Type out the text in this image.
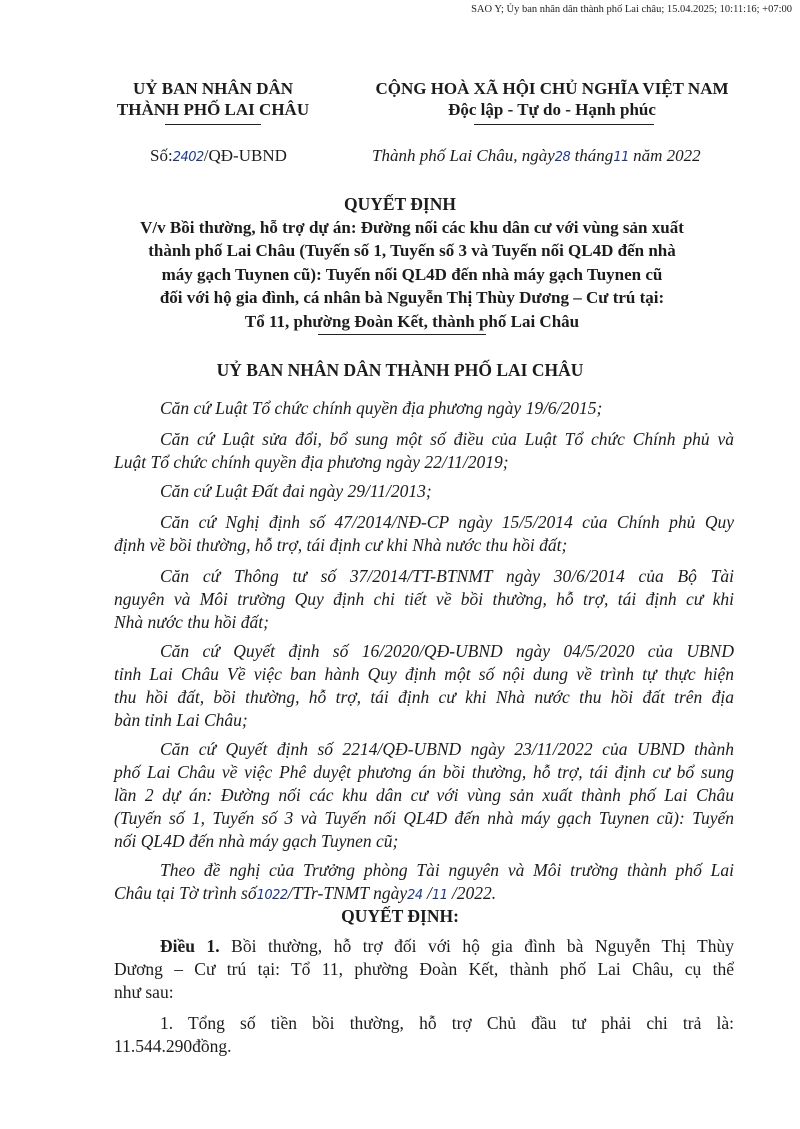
SAO Y; Ủy ban nhân dân thành phố Lai châu; 15.04.2025; 10:11:16; +07:00
UỶ BAN NHÂN DÂN
THÀNH PHỐ LAI CHÂU
Số:2402/QĐ-UBND
CỘNG HOÀ XÃ HỘI CHỦ NGHĨA VIỆT NAM
Độc lập - Tự do - Hạnh phúc
Thành phố Lai Châu, ngày28 tháng11 năm 2022
QUYẾT ĐỊNH
V/v Bồi thường, hỗ trợ dự án: Đường nối các khu dân cư với vùng sản xuất
thành phố Lai Châu (Tuyến số 1, Tuyến số 3 và Tuyến nối QL4D đến nhà
máy gạch Tuynen cũ): Tuyến nối QL4D đến nhà máy gạch Tuynen cũ
đối với hộ gia đình, cá nhân bà Nguyễn Thị Thùy Dương – Cư trú tại:
Tổ 11, phường Đoàn Kết, thành phố Lai Châu
UỶ BAN NHÂN DÂN THÀNH PHỐ LAI CHÂU
Căn cứ Luật Tổ chức chính quyền địa phương ngày 19/6/2015;
Căn cứ Luật sửa đổi, bổ sung một số điều của Luật Tổ chức Chính phủ và
Luật Tổ chức chính quyền địa phương ngày 22/11/2019;
Căn cứ Luật Đất đai ngày 29/11/2013;
Căn cứ Nghị định số 47/2014/NĐ-CP ngày 15/5/2014 của Chính phủ Quy
định về bồi thường, hỗ trợ, tái định cư khi Nhà nước thu hồi đất;
Căn cứ Thông tư số 37/2014/TT-BTNMT ngày 30/6/2014 của Bộ Tài
nguyên và Môi trường Quy định chi tiết về bồi thường, hỗ trợ, tái định cư khi
Nhà nước thu hồi đất;
Căn cứ Quyết định số 16/2020/QĐ-UBND ngày 04/5/2020 của UBND
tỉnh Lai Châu Về việc ban hành Quy định một số nội dung về trình tự thực hiện
thu hồi đất, bồi thường, hỗ trợ, tái định cư khi Nhà nước thu hồi đất trên địa
bàn tỉnh Lai Châu;
Căn cứ Quyết định số 2214/QĐ-UBND ngày 23/11/2022 của UBND thành
phố Lai Châu về việc Phê duyệt phương án bồi thường, hỗ trợ, tái định cư bổ sung
lần 2 dự án: Đường nối các khu dân cư với vùng sản xuất thành phố Lai Châu
(Tuyến số 1, Tuyến số 3 và Tuyến nối QL4D đến nhà máy gạch Tuynen cũ): Tuyến
nối QL4D đến nhà máy gạch Tuynen cũ;
Theo đề nghị của Trưởng phòng Tài nguyên và Môi trường thành phố Lai
Châu tại Tờ trình số1022/TTr-TNMT ngày24 /11 /2022.
QUYẾT ĐỊNH:
Điều 1. Bồi thường, hỗ trợ đối với hộ gia đình bà Nguyễn Thị Thùy
Dương – Cư trú tại: Tổ 11, phường Đoàn Kết, thành phố Lai Châu, cụ thể
như sau:
1. Tổng số tiền bồi thường, hỗ trợ Chủ đầu tư phải chi trả là:
11.544.290đồng.
